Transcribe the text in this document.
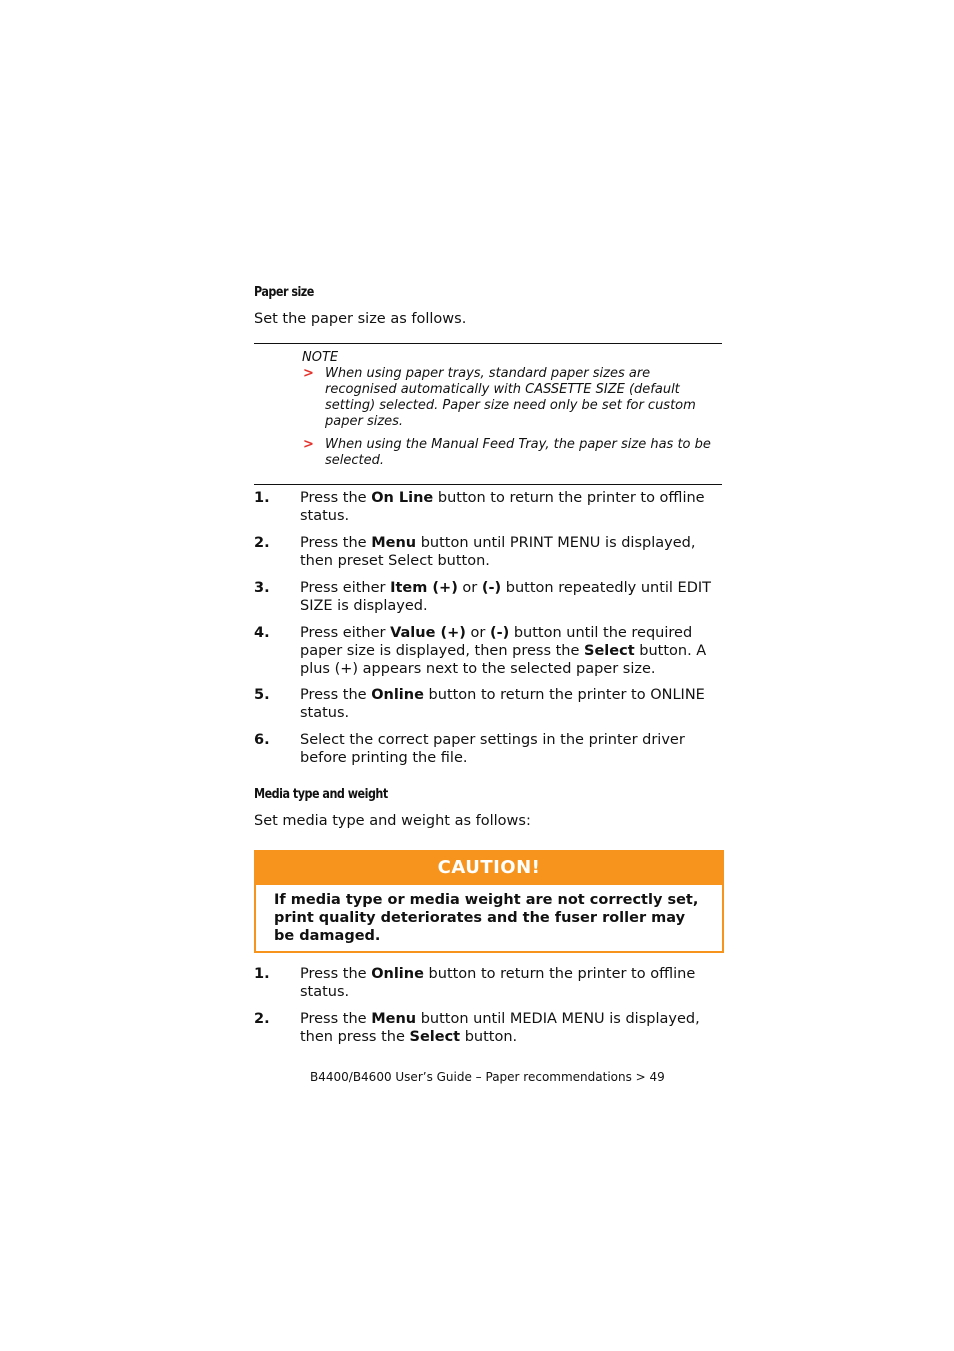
Paper size
Set the paper size as follows.
NOTE
> When using paper trays, standard paper sizes are recognised automatically with CASSETTE SIZE (default setting) selected. Paper size need only be set for custom paper sizes.
> When using the Manual Feed Tray, the paper size has to be selected.
1. Press the On Line button to return the printer to offline status.
2. Press the Menu button until PRINT MENU is displayed, then preset Select button.
3. Press either Item (+) or (-) button repeatedly until EDIT SIZE is displayed.
4. Press either Value (+) or (-) button until the required paper size is displayed, then press the Select button. A plus (+) appears next to the selected paper size.
5. Press the Online button to return the printer to ONLINE status.
6. Select the correct paper settings in the printer driver before printing the file.
Media type and weight
Set media type and weight as follows:
CAUTION!
If media type or media weight are not correctly set, print quality deteriorates and the fuser roller may be damaged.
1. Press the Online button to return the printer to offline status.
2. Press the Menu button until MEDIA MENU is displayed, then press the Select button.
B4400/B4600 User’s Guide – Paper recommendations > 49
